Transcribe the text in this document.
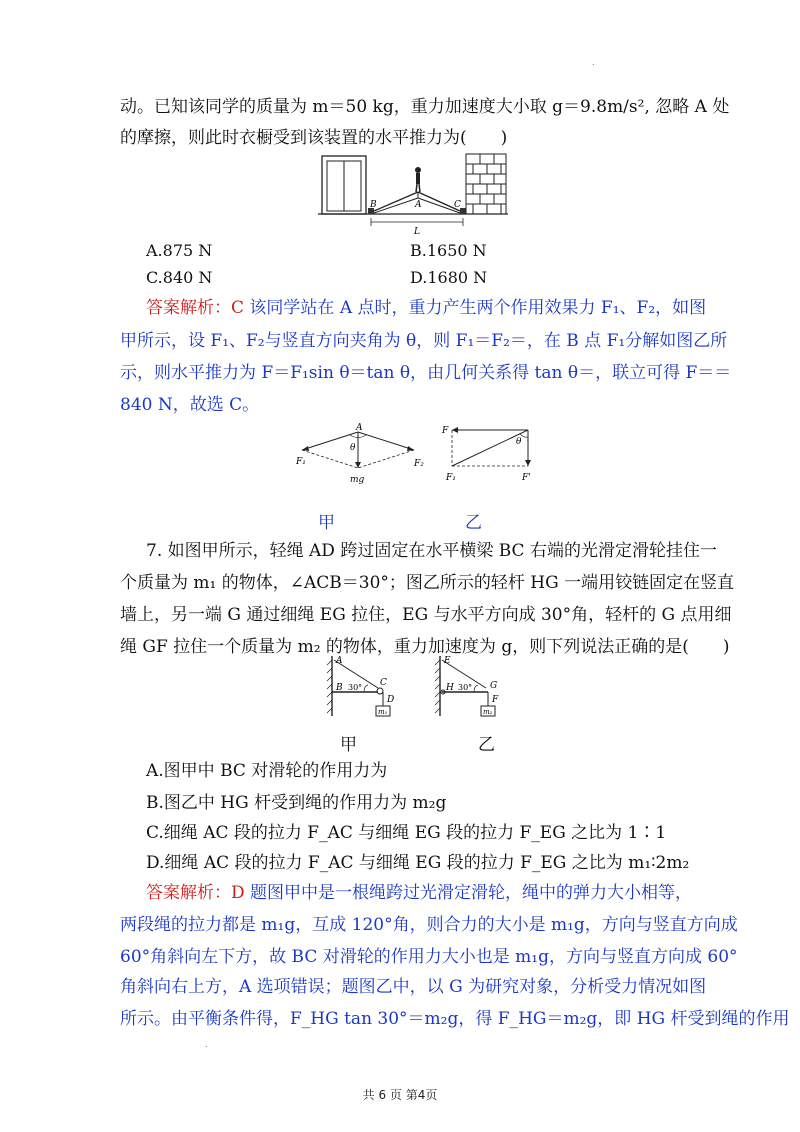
.
动。已知该同学的质量为 m＝50 kg，重力加速度大小取 g＝9.8m/s², 忽略 A 处
的摩擦，则此时衣橱受到该装置的水平推力为(　　)
B	A	C
L
A.875 N	B.1650 N
C.840 N	D.1680 N
答案解析：C 该同学站在 A 点时，重力产生两个作用效果力 F₁、F₂，如图
甲所示，设 F₁、F₂与竖直方向夹角为 θ，则 F₁＝F₂＝，在 B 点 F₁分解如图乙所
示，则水平推力为 F＝F₁sin θ＝tan θ，由几何关系得 tan θ＝，联立可得 F＝＝
840 N，故选 C。
A
θ
F₁	F₂
mg
F
θ
F₁	F'
甲	乙
7. 如图甲所示，轻绳 AD 跨过固定在水平横梁 BC 右端的光滑定滑轮挂住一
个质量为 m₁ 的物体，∠ACB＝30°；图乙所示的轻杆 HG 一端用铰链固定在竖直
墙上，另一端 G 通过细绳 EG 拉住，EG 与水平方向成 30°角，轻杆的 G 点用细
绳 GF 拉住一个质量为 m₂ 的物体，重力加速度为 g，则下列说法正确的是(　　)
A
B 30° C
D
m₁
E
H 30° G
F
m₂
甲	乙
A.图甲中 BC 对滑轮的作用力为
B.图乙中 HG 杆受到绳的作用力为 m₂g
C.细绳 AC 段的拉力 F_AC 与细绳 EG 段的拉力 F_EG 之比为 1∶1
D.细绳 AC 段的拉力 F_AC 与细绳 EG 段的拉力 F_EG 之比为 m₁∶2m₂
答案解析：D 题图甲中是一根绳跨过光滑定滑轮，绳中的弹力大小相等，
两段绳的拉力都是 m₁g，互成 120°角，则合力的大小是 m₁g，方向与竖直方向成
60°角斜向左下方，故 BC 对滑轮的作用力大小也是 m₁g，方向与竖直方向成 60°
角斜向右上方，A 选项错误；题图乙中，以 G 为研究对象，分析受力情况如图
所示。由平衡条件得，F_HG tan 30°＝m₂g，得 F_HG＝m₂g，即 HG 杆受到绳的作用
.
共 6 页 第4页
